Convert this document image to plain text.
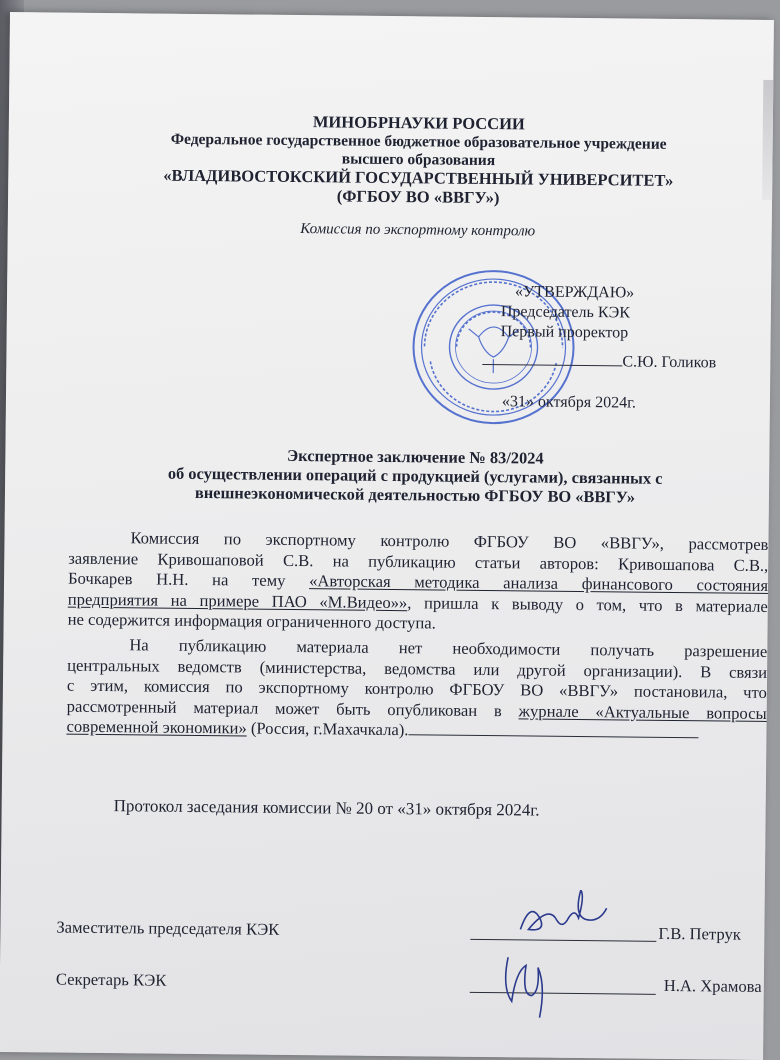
МИНОБРНАУКИ РОССИИ
Федеральное государственное бюджетное образовательное учреждение
высшего образования
«ВЛАДИВОСТОКСКИЙ ГОСУДАРСТВЕННЫЙ УНИВЕРСИТЕТ»
(ФГБОУ ВО «ВВГУ»)
Комиссия по экспортному контролю
«УТВЕРЖДАЮ»
Председатель КЭК
Первый проректор
С.Ю. Голиков
«31» октября 2024г.
Экспертное заключение № 83/2024
об осуществлении операций с продукцией (услугами), связанных с
внешнеэкономической деятельностью ФГБОУ ВО «ВВГУ»
Комиссия по экспортному контролю ФГБОУ ВО «ВВГУ», рассмотрев
заявление Кривошаповой С.В. на публикацию статьи авторов: Кривошапова С.В.,
Бочкарев Н.Н. на тему «Авторская методика анализа финансового состояния
предприятия на примере ПАО «М.Видео»», пришла к выводу о том, что в материале
не содержится информация ограниченного доступа.
На публикацию материала нет необходимости получать разрешение
центральных ведомств (министерства, ведомства или другой организации). В связи
с этим, комиссия по экспортному контролю ФГБОУ ВО «ВВГУ» постановила, что
рассмотренный материал может быть опубликован в журнале «Актуальные вопросы
современной экономики» (Россия, г.Махачкала).
Протокол заседания комиссии № 20 от «31» октября 2024г.
Заместитель председателя КЭК	Г.В. Петрук
Секретарь КЭК	Н.А. Храмова
